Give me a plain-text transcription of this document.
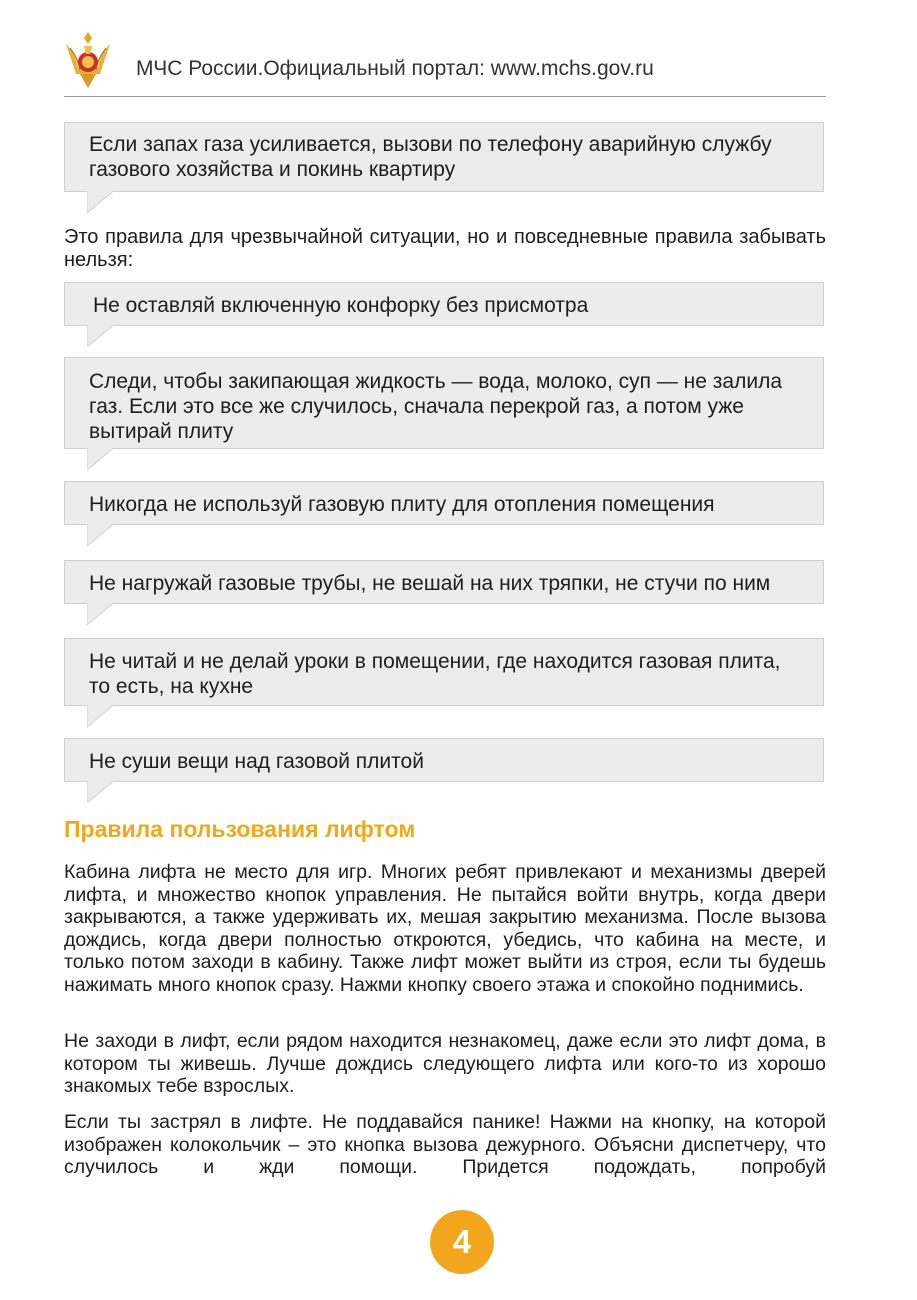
МЧС России.Официальный портал: www.mchs.gov.ru
Если запах газа усиливается, вызови по телефону аварийную службу
газового хозяйства и покинь квартиру

Это правила для чрезвычайной ситуации, но и повседневные правила забывать нельзя:

Не оставляй включенную конфорку без присмотра
Следи, чтобы закипающая жидкость — вода, молоко, суп — не залила
газ. Если это все же случилось, сначала перекрой газ, а потом уже
вытирай плиту
Никогда не используй газовую плиту для отопления помещения
Не нагружай газовые трубы, не вешай на них тряпки, не стучи по ним
Не читай и не делай уроки в помещении, где находится газовая плита,
то есть, на кухне
Не суши вещи над газовой плитой
Правила пользования лифтом

Кабина лифта не место для игр. Многих ребят привлекают и механизмы дверей лифта, и множество кнопок управления. Не пытайся войти внутрь, когда двери закрываются, а также удерживать их, мешая закрытию механизма. После вызова дождись, когда двери полностью откроются, убедись, что кабина на месте, и только потом заходи в кабину. Также лифт может выйти из строя, если ты будешь нажимать много кнопок сразу. Нажми кнопку своего этажа и спокойно поднимись.

Не заходи в лифт, если рядом находится незнакомец, даже если это лифт дома, в котором ты живешь. Лучше дождись следующего лифта или кого-то из хорошо знакомых тебе взрослых.

Если ты застрял в лифте. Не поддавайся панике! Нажми на кнопку, на которой изображен колокольчик – это кнопка вызова дежурного. Объясни диспетчеру, что случилось и жди помощи. Придется подождать, попробуй

4
